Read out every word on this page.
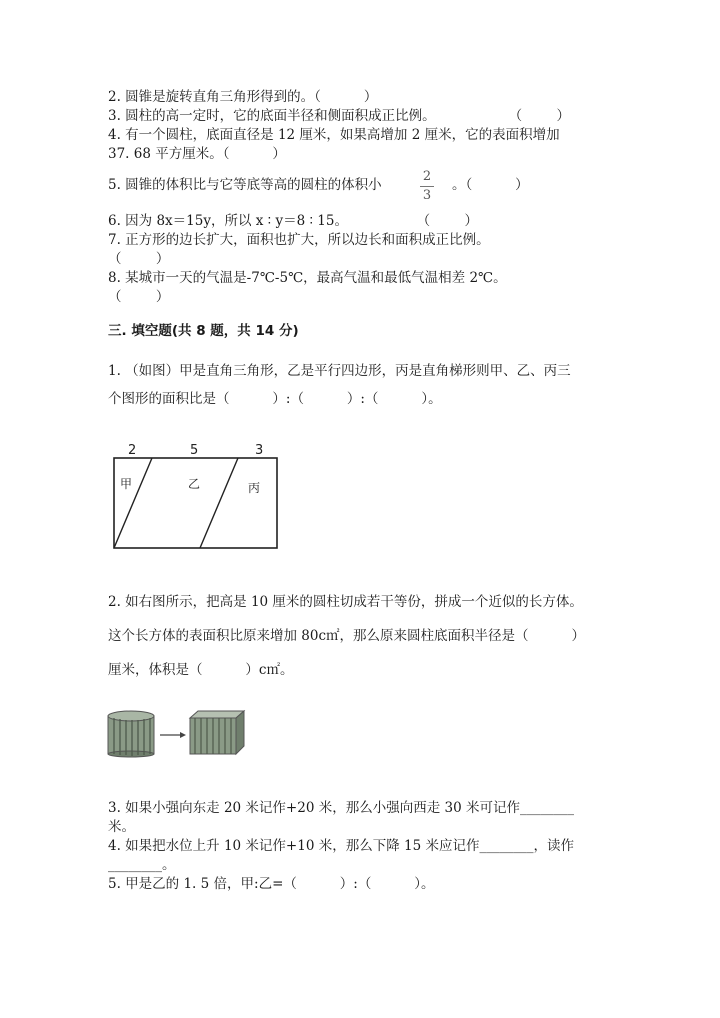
2. 圆锥是旋转直角三角形得到的。（          ）
3. 圆柱的高一定时，它的底面半径和侧面积成正比例。                 （        ）
4. 有一个圆柱，底面直径是 12 厘米，如果高增加 2 厘米，它的表面积增加
37. 68 平方厘米。（          ）
5. 圆锥的体积比与它等底等高的圆柱的体积小
2
3
。（          ）
6. 因为 8x＝15y，所以 x ∶ y＝8 ∶ 15。                （        ）
7. 正方形的边长扩大，面积也扩大，所以边长和面积成正比例。
（        ）
8. 某城市一天的气温是-7℃-5℃，最高气温和最低气温相差 2℃。
（        ）
三. 填空题(共 8 题，共 14 分)
1. （如图）甲是直角三角形，乙是平行四边形，丙是直角梯形则甲、乙、丙三
个图形的面积比是（          ）:（          ）:（          ）。
2	5	3
甲	乙	丙
2. 如右图所示，把高是 10 厘米的圆柱切成若干等份，拼成一个近似的长方体。
这个长方体的表面积比原来增加 80c㎡，那么原来圆柱底面积半径是（          ）
厘米，体积是（          ）c㎡。
3. 如果小强向东走 20 米记作+20 米，那么小强向西走 30 米可记作________
米。
4. 如果把水位上升 10 米记作+10 米，那么下降 15 米应记作________，读作
________。
5. 甲是乙的 1. 5 倍，甲:乙=（          ）:（          ）。
